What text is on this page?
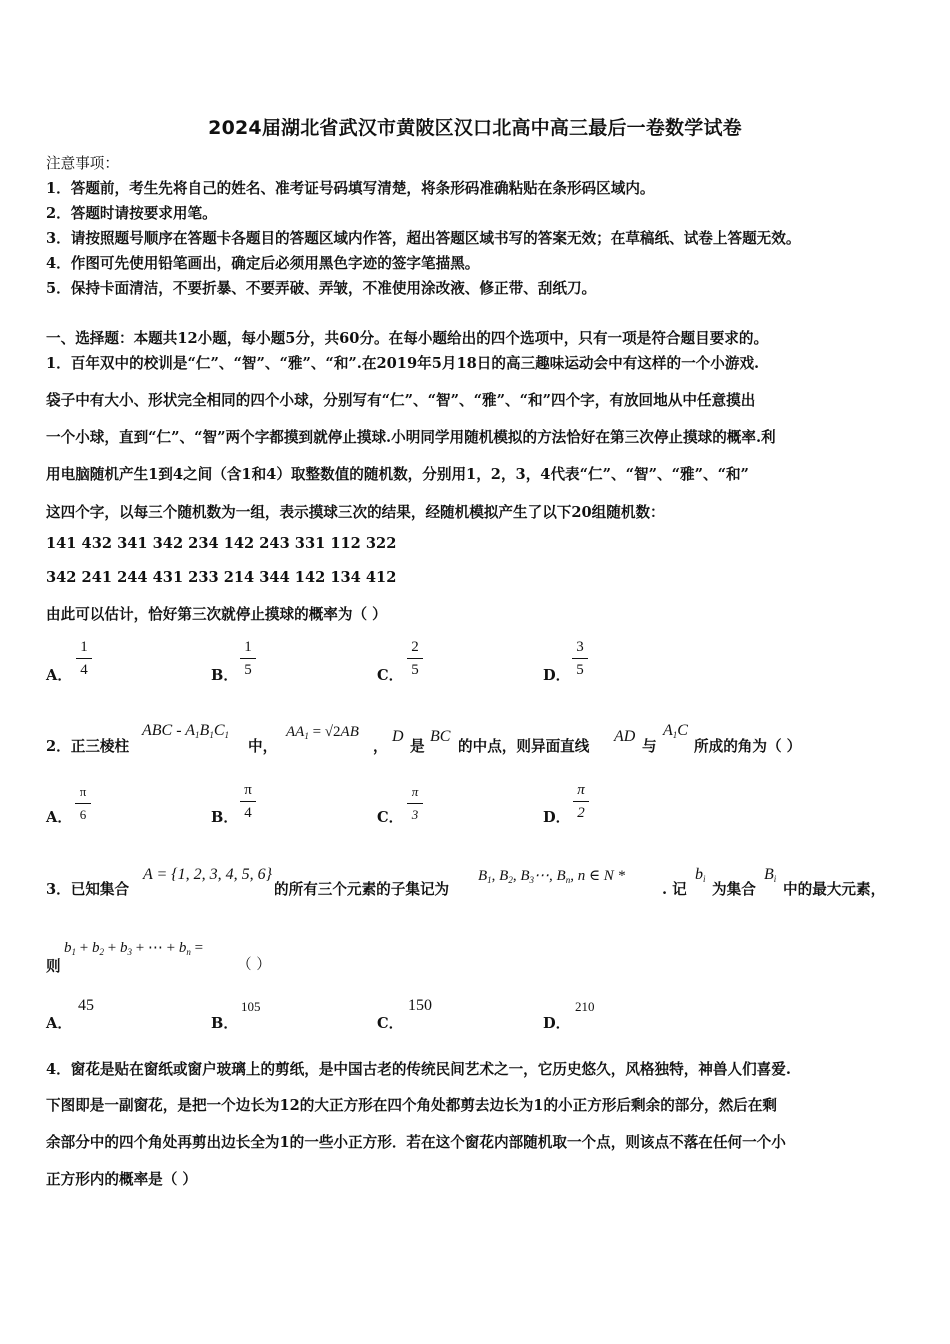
2024届湖北省武汉市黄陂区汉口北高中高三最后一卷数学试卷
注意事项：
1．答题前，考生先将自己的姓名、准考证号码填写清楚，将条形码准确粘贴在条形码区域内。
2．答题时请按要求用笔。
3．请按照题号顺序在答题卡各题目的答题区域内作答，超出答题区域书写的答案无效；在草稿纸、试卷上答题无效。
4．作图可先使用铅笔画出，确定后必须用黑色字迹的签字笔描黑。
5．保持卡面清洁，不要折暴、不要弄破、弄皱，不准使用涂改液、修正带、刮纸刀。
一、选择题：本题共12小题，每小题5分，共60分。在每小题给出的四个选项中，只有一项是符合题目要求的。
1．百年双中的校训是“仁”、“智”、“雅”、“和”.在2019年5月18日的高三趣味运动会中有这样的一个小游戏.
袋子中有大小、形状完全相同的四个小球，分别写有“仁”、“智”、“雅”、“和”四个字，有放回地从中任意摸出
一个小球，直到“仁”、“智”两个字都摸到就停止摸球.小明同学用随机模拟的方法恰好在第三次停止摸球的概率.利
用电脑随机产生1到4之间（含1和4）取整数值的随机数，分别用1，2，3，4代表“仁”、“智”、“雅”、“和”
这四个字，以每三个随机数为一组，表示摸球三次的结果，经随机模拟产生了以下20组随机数：
141 432 341 342 234 142 243 331 112 322
342 241 244 431 233 214 344 142 134 412
由此可以估计，恰好第三次就停止摸球的概率为（ ）
A．
1
4	B．
1
5	C．
2
5	D．
3
5
2．正三棱柱
ABC - $A_1B_1C_1$
中，
$AA_1 = √2AB$
，
D
是
BC
的中点，则异面直线
AD
与
$A_1C$
所成的角为（ ）
A．
π
6	B．
π
4	C．
π
3	D．
π
2
3．已知集合
A = {1, 2, 3, 4, 5, 6}
的所有三个元素的子集记为
$B_1$, $B_2$, $B_3\cdots$, $B_n$, n ∈ N *
. 记
$b_i$
为集合
$B_i$
中的最大元素，
则
$b_1 + b_2 + b_3$ + ⋯ + $b_n$ =
（ ）
A．
45
B．
105
C．
150
D．
210
4．窗花是贴在窗纸或窗户玻璃上的剪纸，是中国古老的传统民间艺术之一，它历史悠久，风格独特，神兽人们喜爱.
下图即是一副窗花，是把一个边长为12的大正方形在四个角处都剪去边长为1的小正方形后剩余的部分，然后在剩
余部分中的四个角处再剪出边长全为1的一些小正方形．若在这个窗花内部随机取一个点，则该点不落在任何一个小
正方形内的概率是（ ）
